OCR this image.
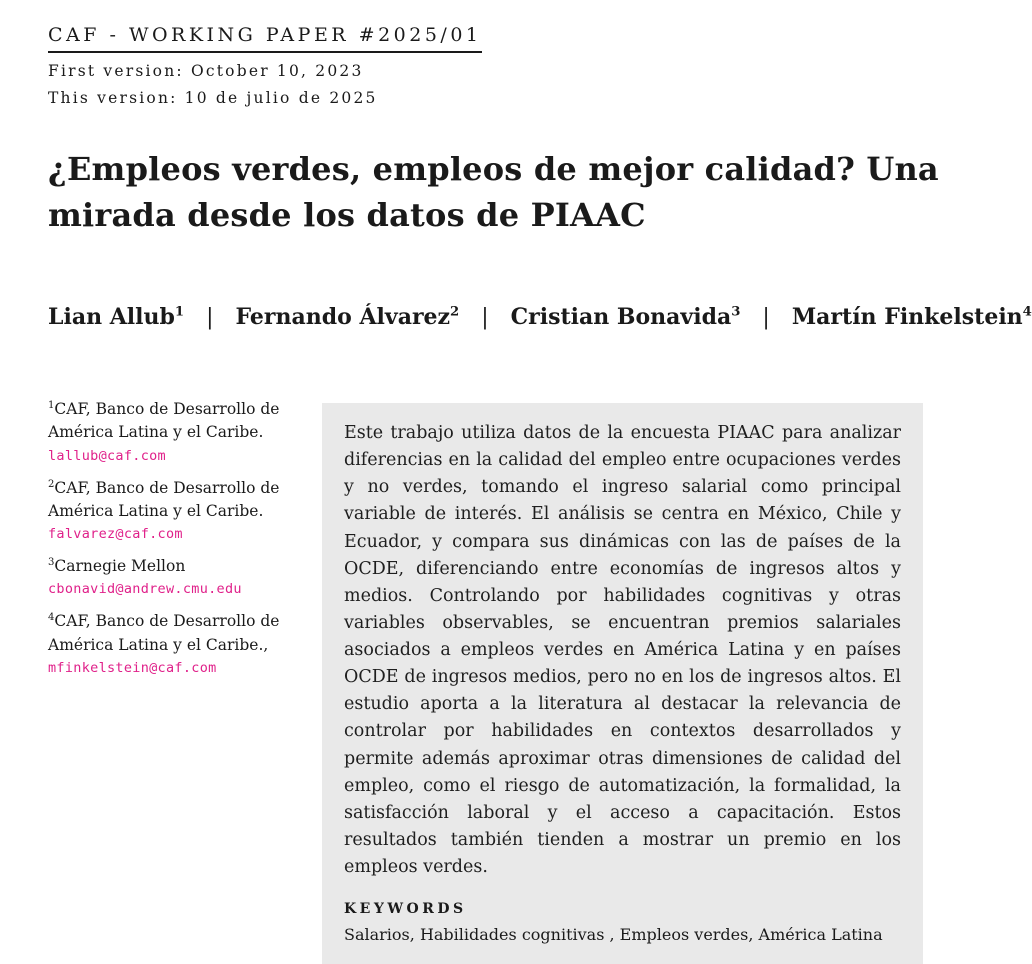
CAF - WORKING PAPER #2025/01
First version: October 10, 2023
This version: 10 de julio de 2025
¿Empleos verdes, empleos de mejor calidad? Una mirada desde los datos de PIAAC
Lian Allub$^1$ | Fernando Álvarez$^2$ | Cristian Bonavida$^3$ | Martín Finkelstein$^4$
$^1$CAF, Banco de Desarrollo de América Latina y el Caribe.
lallub@caf.com
$^2$CAF, Banco de Desarrollo de América Latina y el Caribe.
falvarez@caf.com
$^3$Carnegie Mellon
cbonavid@andrew.cmu.edu
$^4$CAF, Banco de Desarrollo de América Latina y el Caribe.,
mfinkelstein@caf.com
Este trabajo utiliza datos de la encuesta PIAAC para analizar diferencias en la calidad del empleo entre ocupaciones verdes y no verdes, tomando el ingreso salarial como principal variable de interés. El análisis se centra en México, Chile y Ecuador, y compara sus dinámicas con las de países de la OCDE, diferenciando entre economías de ingresos altos y medios. Controlando por habilidades cognitivas y otras variables observables, se encuentran premios salariales asociados a empleos verdes en América Latina y en países OCDE de ingresos medios, pero no en los de ingresos altos. El estudio aporta a la literatura al destacar la relevancia de controlar por habilidades en contextos desarrollados y permite además aproximar otras dimensiones de calidad del empleo, como el riesgo de automatización, la formalidad, la satisfacción laboral y el acceso a capacitación. Estos resultados también tienden a mostrar un premio en los empleos verdes.
KEYWORDS
Salarios, Habilidades cognitivas , Empleos verdes, América Latina
